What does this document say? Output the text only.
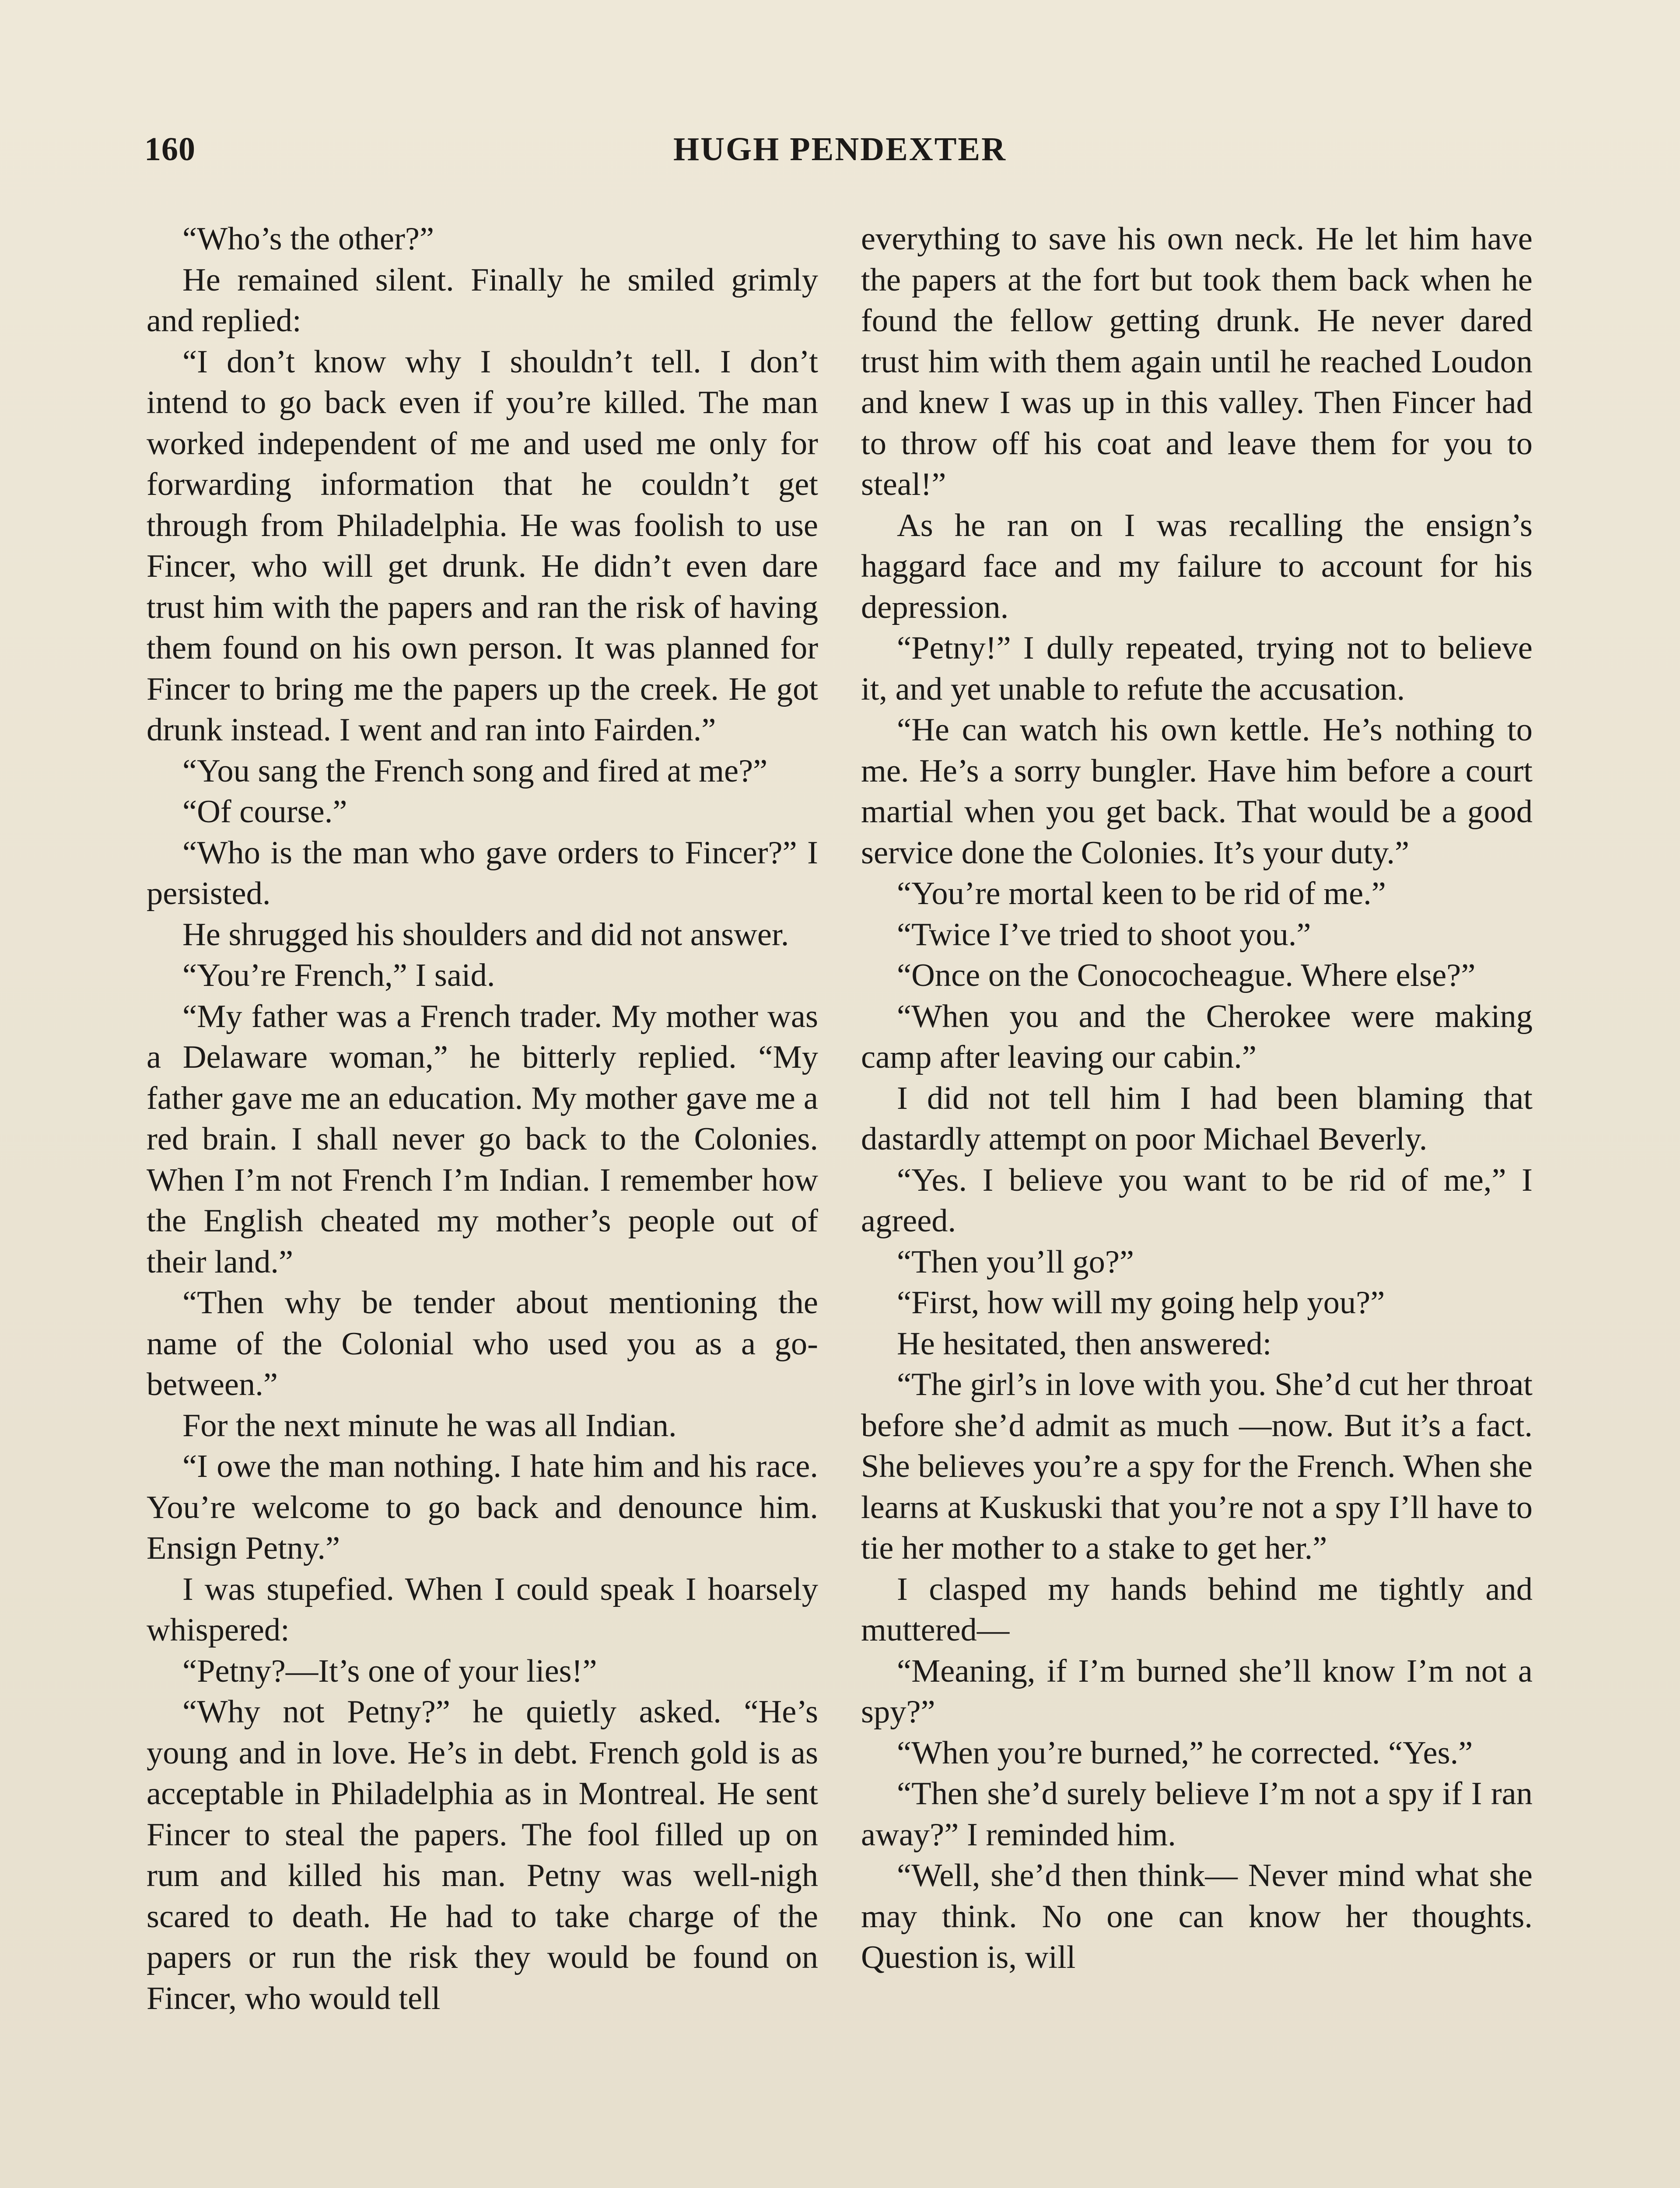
160	HUGH PENDEXTER

“Who’s the other?”

He remained silent. Finally he smiled grimly and replied:

“I don’t know why I shouldn’t tell. I don’t intend to go back even if you’re killed. The man worked independent of me and used me only for forwarding information that he couldn’t get through from Philadelphia. He was foolish to use Fincer, who will get drunk. He didn’t even dare trust him with the papers and ran the risk of having them found on his own person. It was planned for Fincer to bring me the papers up the creek. He got drunk instead. I went and ran into Fairden.”

“You sang the French song and fired at me?”

“Of course.”

“Who is the man who gave orders to Fincer?” I persisted.

He shrugged his shoulders and did not answer.

“You’re French,” I said.

“My father was a French trader. My mother was a Delaware woman,” he bitterly replied. “My father gave me an education. My mother gave me a red brain. I shall never go back to the Colonies. When I’m not French I’m Indian. I remember how the English cheated my mother’s people out of their land.”

“Then why be tender about mentioning the name of the Colonial who used you as a go-between.”

For the next minute he was all Indian.

“I owe the man nothing. I hate him and his race. You’re welcome to go back and denounce him. Ensign Petny.”

I was stupefied. When I could speak I hoarsely whispered:

“Petny?—It’s one of your lies!”

“Why not Petny?” he quietly asked. “He’s young and in love. He’s in debt. French gold is as acceptable in Philadelphia as in Montreal. He sent Fincer to steal the papers. The fool filled up on rum and killed his man. Petny was well-nigh scared to death. He had to take charge of the papers or run the risk they would be found on Fincer, who would tell

everything to save his own neck. He let him have the papers at the fort but took them back when he found the fellow getting drunk. He never dared trust him with them again until he reached Loudon and knew I was up in this valley. Then Fincer had to throw off his coat and leave them for you to steal!”

As he ran on I was recalling the ensign’s haggard face and my failure to account for his depression.

“Petny!” I dully repeated, trying not to believe it, and yet unable to refute the accusation.

“He can watch his own kettle. He’s nothing to me. He’s a sorry bungler. Have him before a court martial when you get back. That would be a good service done the Colonies. It’s your duty.”

“You’re mortal keen to be rid of me.”

“Twice I’ve tried to shoot you.”

“Once on the Conococheague. Where else?”

“When you and the Cherokee were making camp after leaving our cabin.”

I did not tell him I had been blaming that dastardly attempt on poor Michael Beverly.

“Yes. I believe you want to be rid of me,” I agreed.

“Then you’ll go?”

“First, how will my going help you?”

He hesitated, then answered:

“The girl’s in love with you. She’d cut her throat before she’d admit as much —now. But it’s a fact. She believes you’re a spy for the French. When she learns at Kuskuski that you’re not a spy I’ll have to tie her mother to a stake to get her.”

I clasped my hands behind me tightly and muttered—

“Meaning, if I’m burned she’ll know I’m not a spy?”

“When you’re burned,” he corrected. “Yes.”

“Then she’d surely believe I’m not a spy if I ran away?” I reminded him.

“Well, she’d then think— Never mind what she may think. No one can know her thoughts. Question is, will
